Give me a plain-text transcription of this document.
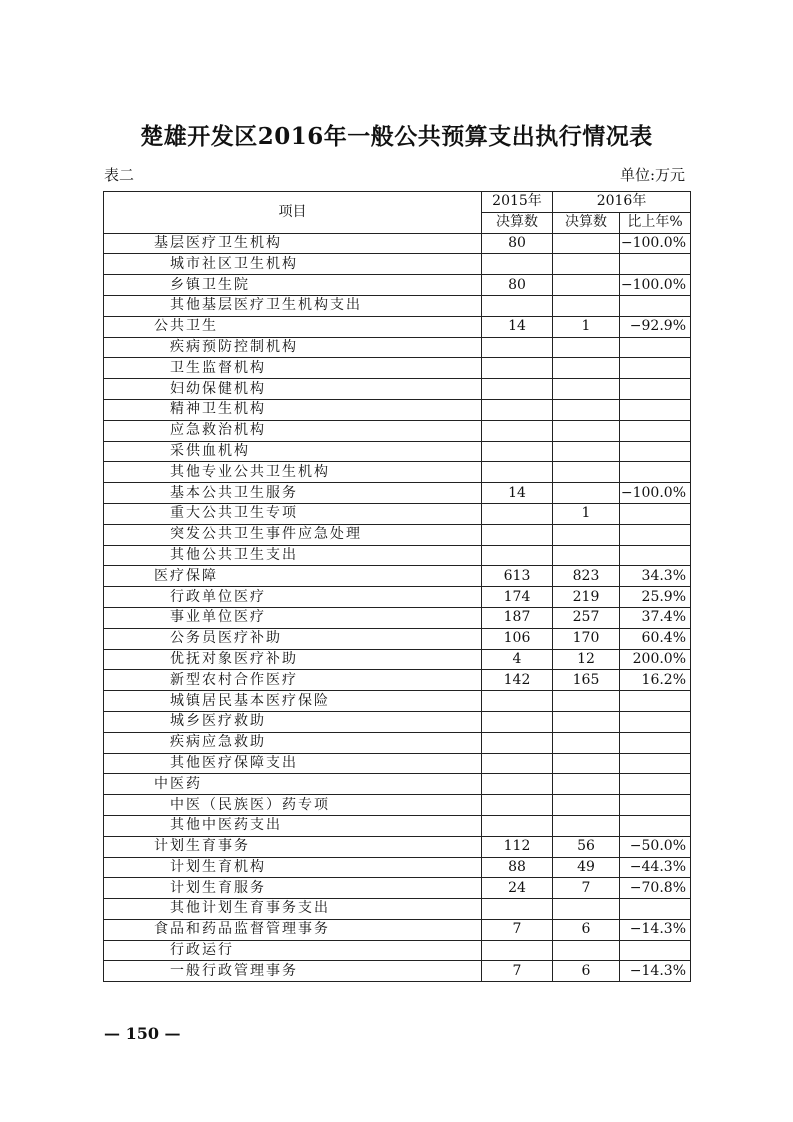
楚雄开发区2016年一般公共预算支出执行情况表
表二	单位:万元
项目	2015年	2016年	
	决算数	决算数	比上年%
基层医疗卫生机构	80		−100.0%
城市社区卫生机构			
乡镇卫生院	80		−100.0%
其他基层医疗卫生机构支出			
公共卫生	14	1	−92.9%
疾病预防控制机构			
卫生监督机构			
妇幼保健机构			
精神卫生机构			
应急救治机构			
采供血机构			
其他专业公共卫生机构			
基本公共卫生服务	14		−100.0%
重大公共卫生专项		1	
突发公共卫生事件应急处理			
其他公共卫生支出			
医疗保障	613	823	34.3%
行政单位医疗	174	219	25.9%
事业单位医疗	187	257	37.4%
公务员医疗补助	106	170	60.4%
优抚对象医疗补助	4	12	200.0%
新型农村合作医疗	142	165	16.2%
城镇居民基本医疗保险			
城乡医疗救助			
疾病应急救助			
其他医疗保障支出			
中医药			
中医（民族医）药专项			
其他中医药支出			
计划生育事务	112	56	−50.0%
计划生育机构	88	49	−44.3%
计划生育服务	24	7	−70.8%
其他计划生育事务支出			
食品和药品监督管理事务	7	6	−14.3%
行政运行			
一般行政管理事务	7	6	−14.3%
— 150 —
